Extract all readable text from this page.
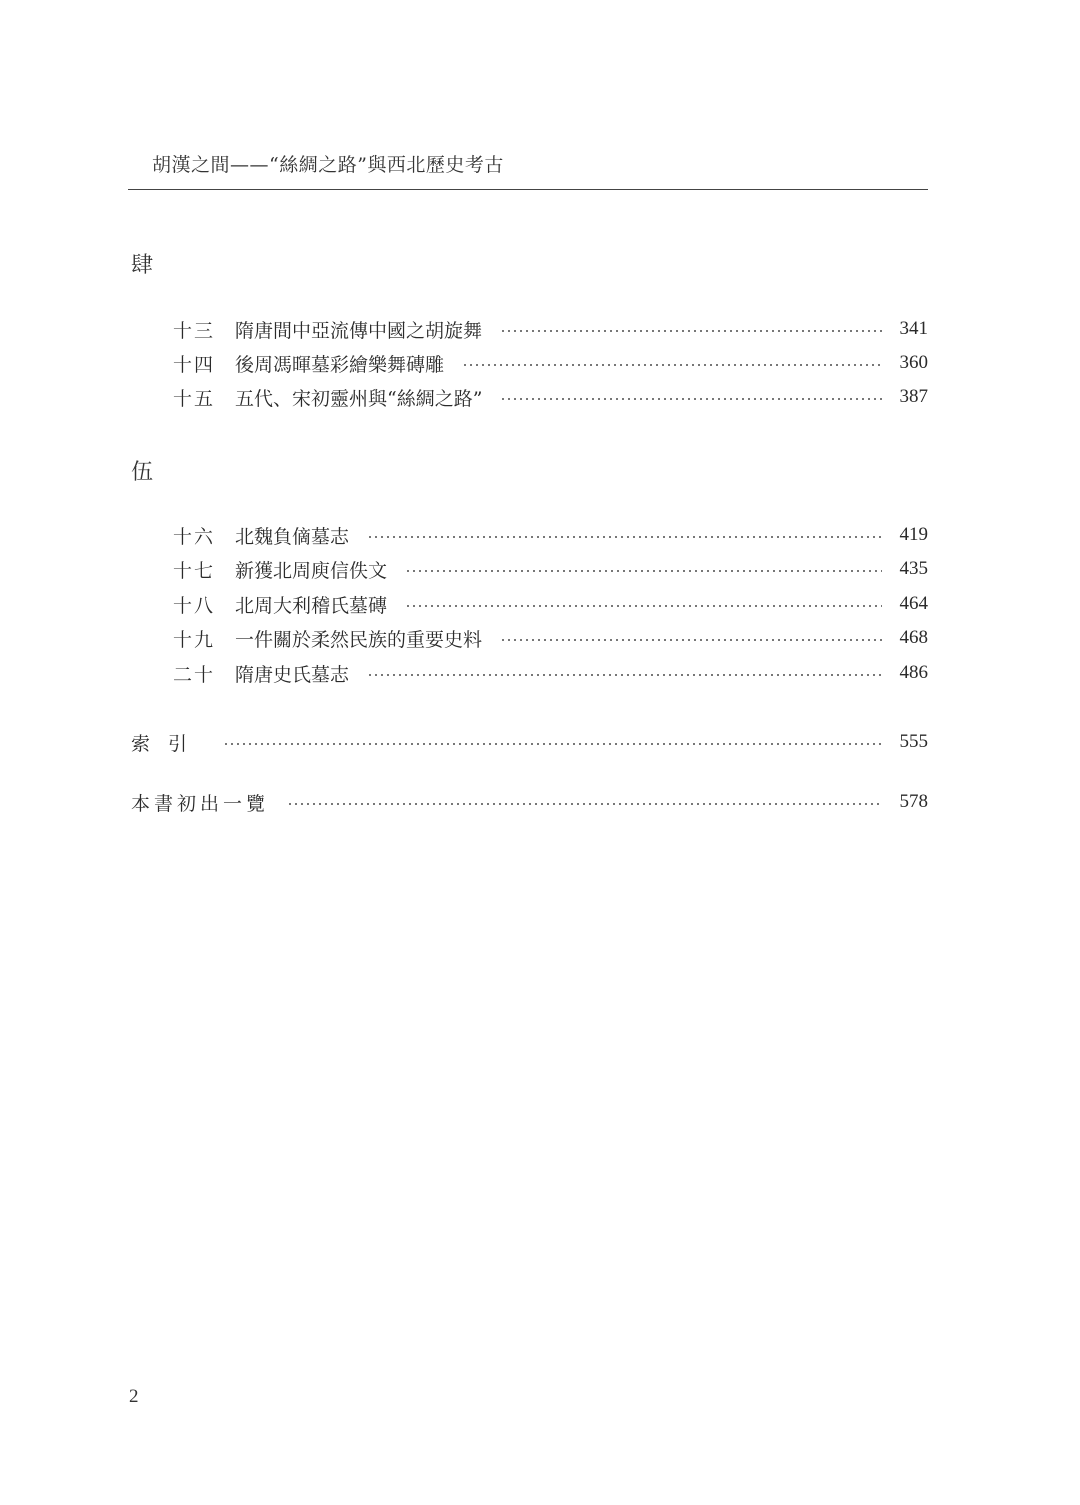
胡漢之間——“絲綢之路”與西北歷史考古
肆
十三	隋唐間中亞流傳中國之胡旋舞	341
十四	後周馮暉墓彩繪樂舞磚雕	360
十五	五代、宋初靈州與“絲綢之路”	387
伍
十六	北魏負㒀墓志	419
十七	新獲北周庾信佚文	435
十八	北周大利稽氏墓磚	464
十九	一件關於柔然民族的重要史料	468
二十	隋唐史氏墓志	486
索引	555
本書初出一覽	578
2
